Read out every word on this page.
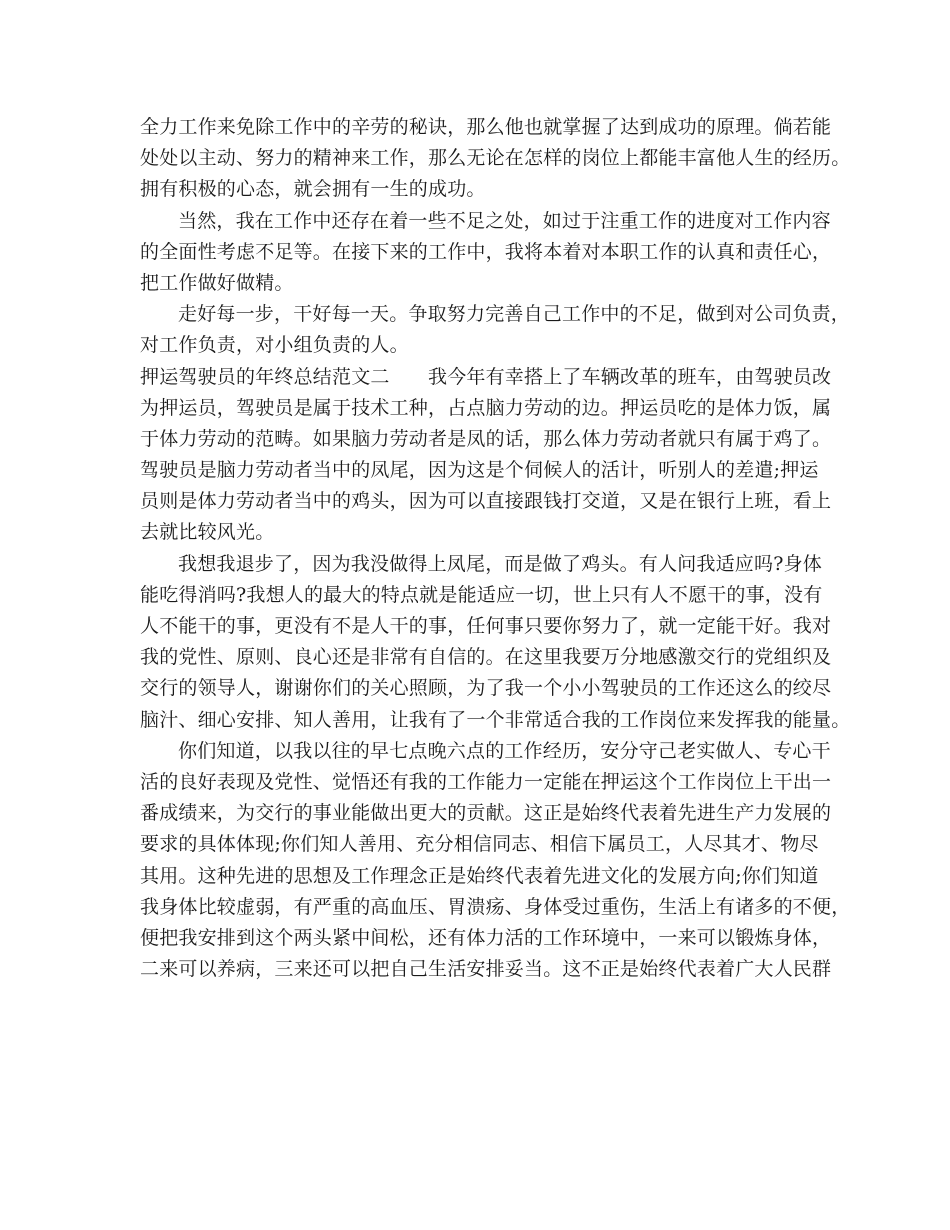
全力工作来免除工作中的辛劳的秘诀，那么他也就掌握了达到成功的原理。倘若能
处处以主动、努力的精神来工作，那么无论在怎样的岗位上都能丰富他人生的经历。
拥有积极的心态，就会拥有一生的成功。
当然，我在工作中还存在着一些不足之处，如过于注重工作的进度对工作内容
的全面性考虑不足等。在接下来的工作中，我将本着对本职工作的认真和责任心，
把工作做好做精。
走好每一步，干好每一天。争取努力完善自己工作中的不足，做到对公司负责，
对工作负责，对小组负责的人。
押运驾驶员的年终总结范文二　　我今年有幸搭上了车辆改革的班车，由驾驶员改
为押运员，驾驶员是属于技术工种，占点脑力劳动的边。押运员吃的是体力饭，属
于体力劳动的范畴。如果脑力劳动者是凤的话，那么体力劳动者就只有属于鸡了。
驾驶员是脑力劳动者当中的凤尾，因为这是个伺候人的活计，听别人的差遣;押运
员则是体力劳动者当中的鸡头，因为可以直接跟钱打交道，又是在银行上班，看上
去就比较风光。
我想我退步了，因为我没做得上凤尾，而是做了鸡头。有人问我适应吗?身体
能吃得消吗?我想人的最大的特点就是能适应一切，世上只有人不愿干的事，没有
人不能干的事，更没有不是人干的事，任何事只要你努力了，就一定能干好。我对
我的党性、原则、良心还是非常有自信的。在这里我要万分地感激交行的党组织及
交行的领导人，谢谢你们的关心照顾，为了我一个小小驾驶员的工作还这么的绞尽
脑汁、细心安排、知人善用，让我有了一个非常适合我的工作岗位来发挥我的能量。
你们知道，以我以往的早七点晚六点的工作经历，安分守己老实做人、专心干
活的良好表现及党性、觉悟还有我的工作能力一定能在押运这个工作岗位上干出一
番成绩来，为交行的事业能做出更大的贡献。这正是始终代表着先进生产力发展的
要求的具体体现;你们知人善用、充分相信同志、相信下属员工，人尽其才、物尽
其用。这种先进的思想及工作理念正是始终代表着先进文化的发展方向;你们知道
我身体比较虚弱，有严重的高血压、胃溃疡、身体受过重伤，生活上有诸多的不便，
便把我安排到这个两头紧中间松，还有体力活的工作环境中，一来可以锻炼身体，
二来可以养病，三来还可以把自己生活安排妥当。这不正是始终代表着广大人民群
